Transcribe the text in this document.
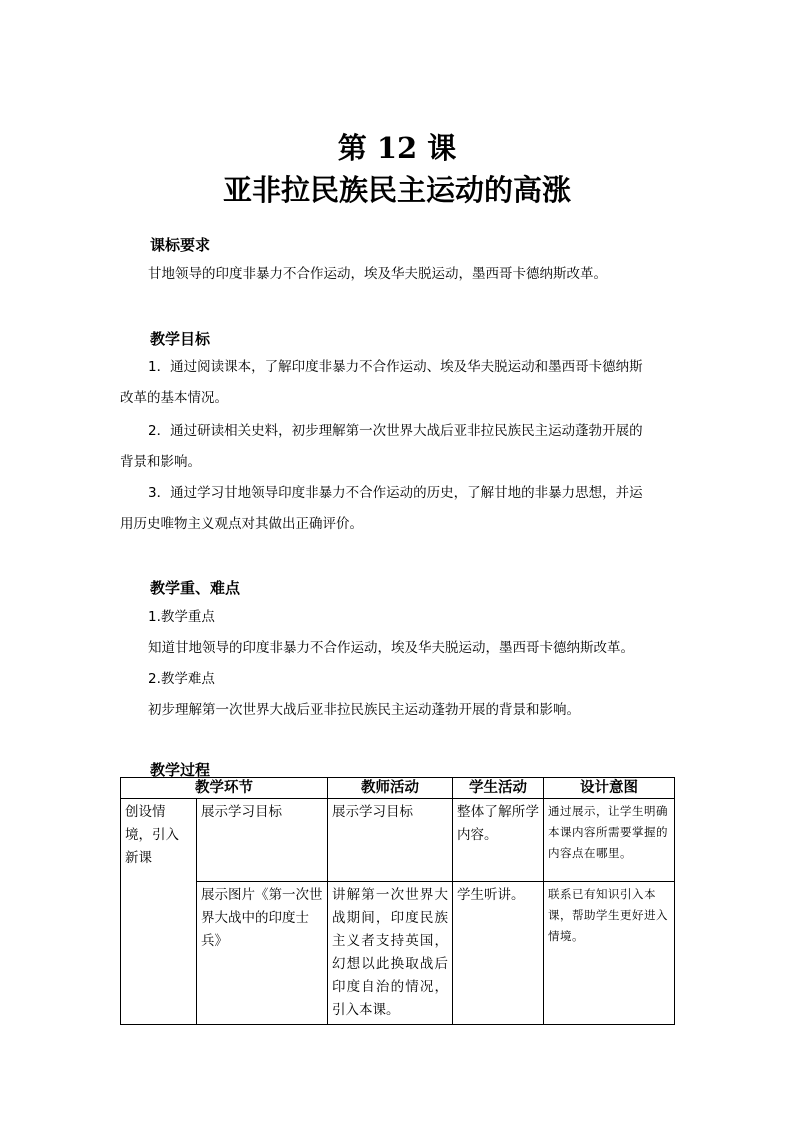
第 12 课
亚非拉民族民主运动的高涨
课标要求
甘地领导的印度非暴力不合作运动，埃及华夫脱运动，墨西哥卡德纳斯改革。
教学目标
1．通过阅读课本，了解印度非暴力不合作运动、埃及华夫脱运动和墨西哥卡德纳斯改革的基本情况。
2．通过研读相关史料，初步理解第一次世界大战后亚非拉民族民主运动蓬勃开展的背景和影响。
3．通过学习甘地领导印度非暴力不合作运动的历史，了解甘地的非暴力思想，并运用历史唯物主义观点对其做出正确评价。
教学重、难点
1.教学重点
知道甘地领导的印度非暴力不合作运动，埃及华夫脱运动，墨西哥卡德纳斯改革。
2.教学难点
初步理解第一次世界大战后亚非拉民族民主运动蓬勃开展的背景和影响。
教学过程
教学环节		教师活动	学生活动	设计意图
创设情境，引入新课	展示学习目标	展示学习目标	整体了解所学内容。	通过展示，让学生明确本课内容所需要掌握的内容点在哪里。
	展示图片《第一次世界大战中的印度士兵》	讲解第一次世界大战期间，印度民族主义者支持英国，幻想以此换取战后印度自治的情况，引入本课。	学生听讲。	联系已有知识引入本课，帮助学生更好进入情境。
